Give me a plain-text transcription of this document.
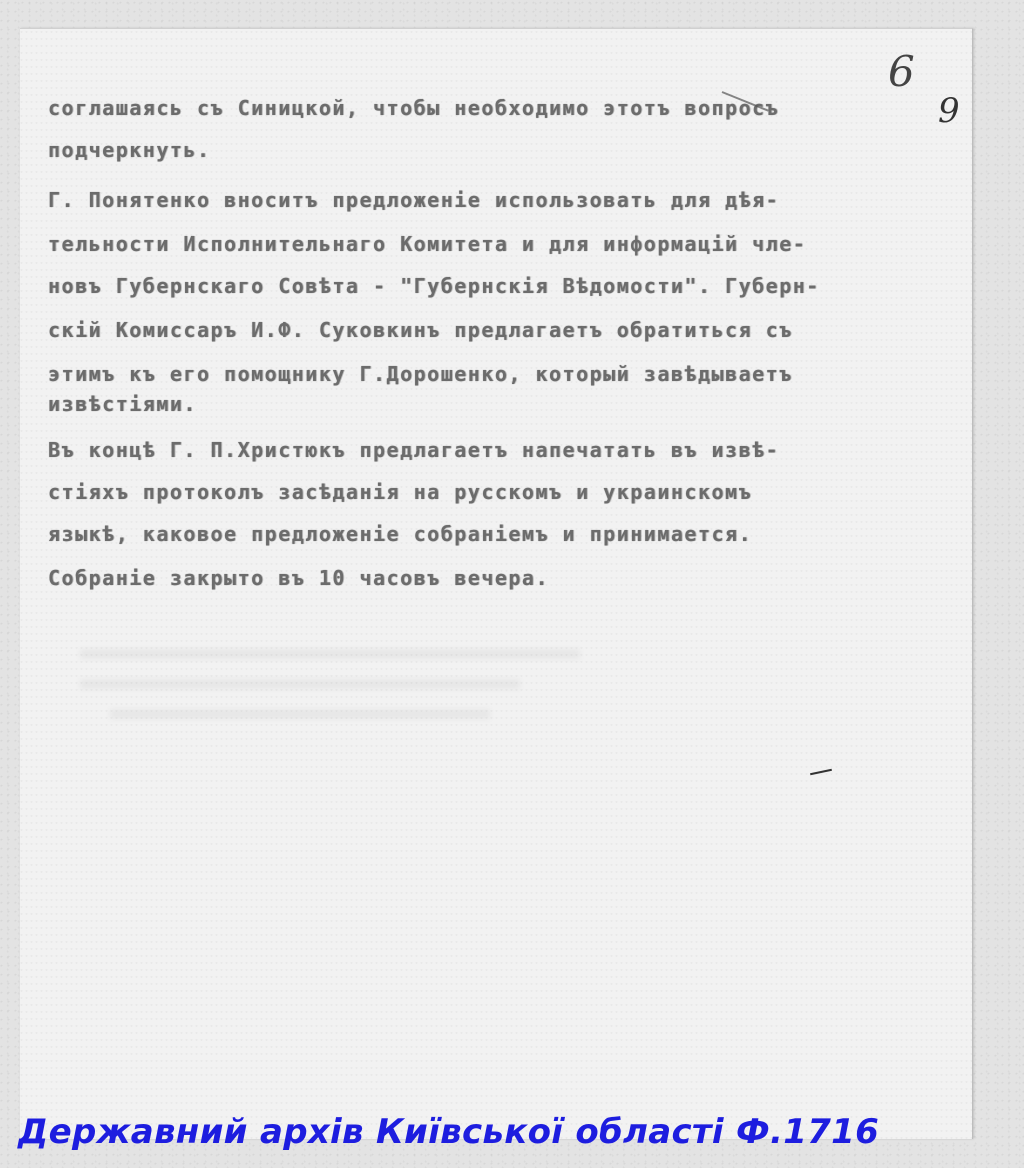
6
9
соглашаясь съ Синицкой, чтобы необходимо этотъ вопросъ
подчеркнуть.
Г. Понятенко вноситъ предложеніе использовать для дѣя-
тельности Исполнительнаго Комитета и для информацій чле-
новъ Губернскаго Совѣта - "Губернскія Вѣдомости". Губерн-
скій Комиссаръ И.Ф. Суковкинъ предлагаетъ обратиться съ
этимъ къ его помощнику Г.Дорошенко, который завѣдываетъ
извѣстіями.
Въ концѣ Г. П.Христюкъ предлагаетъ напечатать въ извѣ-
стіяхъ протоколъ засѣданія на русскомъ и украинскомъ
языкѣ, каковое предложеніе собраніемъ и принимается.
Собраніе закрыто въ 10 часовъ вечера.
Державний архів Київської області Ф.1716
